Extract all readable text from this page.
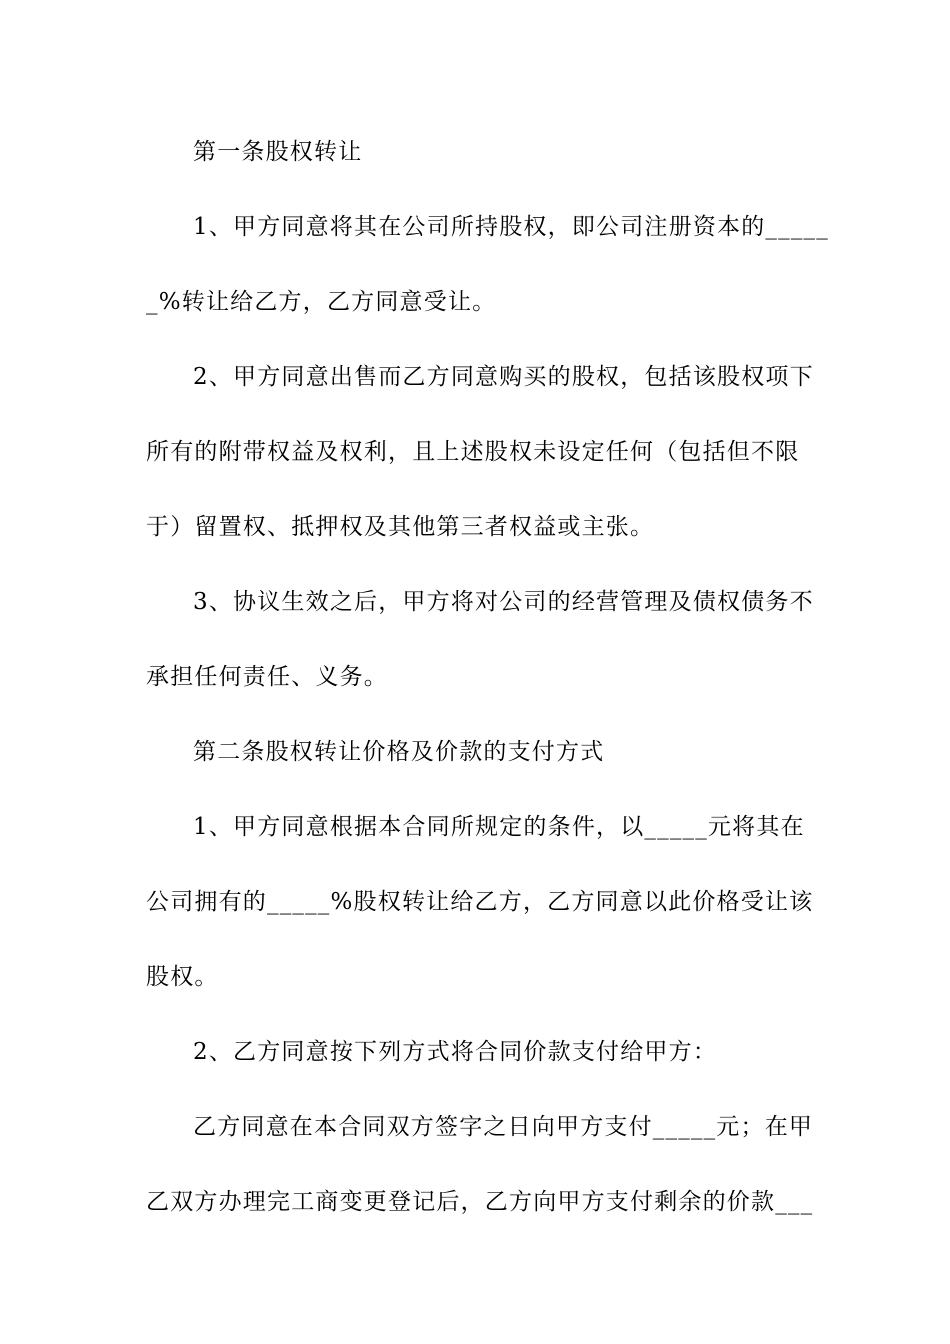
第一条股权转让
1、甲方同意将其在公司所持股权，即公司注册资本的_____
_%转让给乙方，乙方同意受让。
2、甲方同意出售而乙方同意购买的股权，包括该股权项下
所有的附带权益及权利，且上述股权未设定任何（包括但不限
于）留置权、抵押权及其他第三者权益或主张。
3、协议生效之后，甲方将对公司的经营管理及债权债务不
承担任何责任、义务。
第二条股权转让价格及价款的支付方式
1、甲方同意根据本合同所规定的条件，以_____元将其在
公司拥有的_____%股权转让给乙方，乙方同意以此价格受让该
股权。
2、乙方同意按下列方式将合同价款支付给甲方：
乙方同意在本合同双方签字之日向甲方支付_____元；在甲
乙双方办理完工商变更登记后，乙方向甲方支付剩余的价款___
